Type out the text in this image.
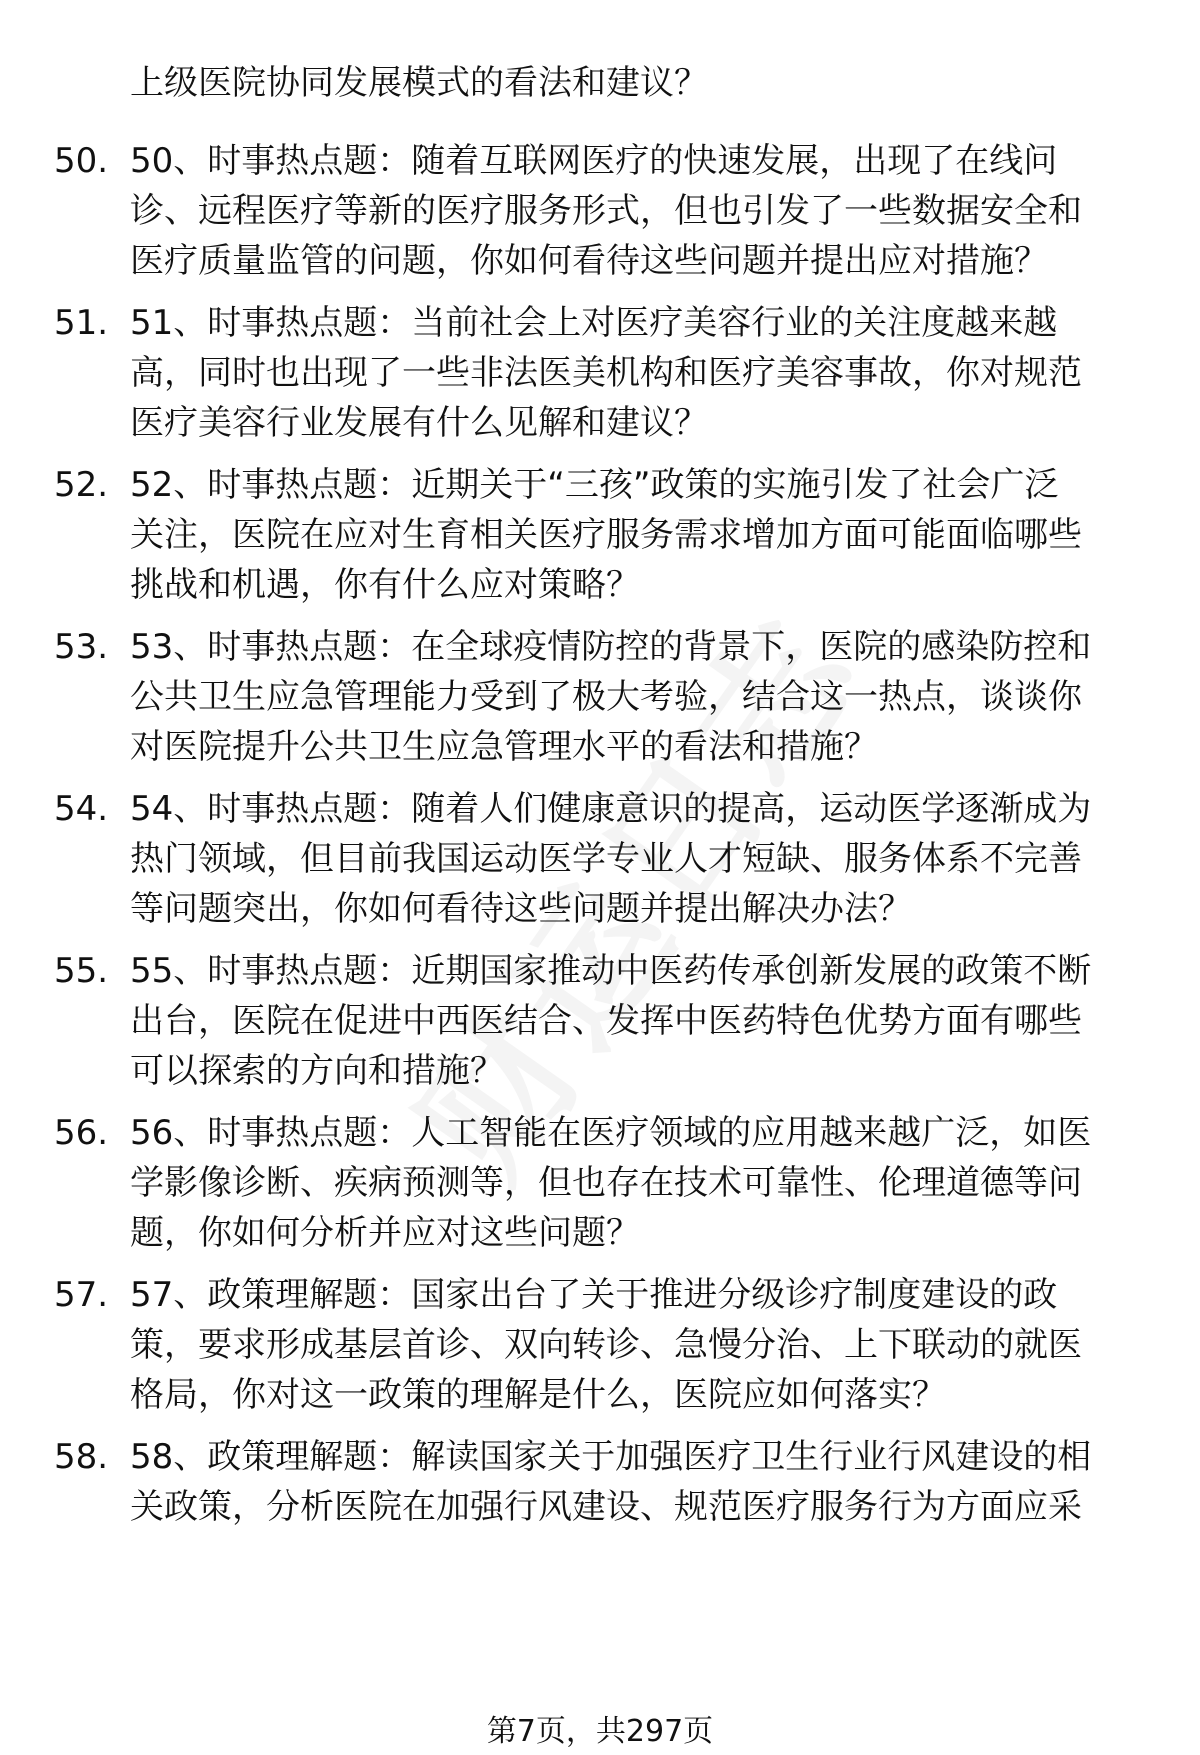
上级医院协同发展模式的看法和建议？
50. 50、时事热点题：随着互联网医疗的快速发展，出现了在线问
诊、远程医疗等新的医疗服务形式，但也引发了一些数据安全和
医疗质量监管的问题，你如何看待这些问题并提出应对措施？
51. 51、时事热点题：当前社会上对医疗美容行业的关注度越来越
高，同时也出现了一些非法医美机构和医疗美容事故，你对规范
医疗美容行业发展有什么见解和建议？
52. 52、时事热点题：近期关于“三孩”政策的实施引发了社会广泛
关注，医院在应对生育相关医疗服务需求增加方面可能面临哪些
挑战和机遇，你有什么应对策略？
53. 53、时事热点题：在全球疫情防控的背景下，医院的感染防控和
公共卫生应急管理能力受到了极大考验，结合这一热点，谈谈你
对医院提升公共卫生应急管理水平的看法和措施？
54. 54、时事热点题：随着人们健康意识的提高，运动医学逐渐成为
热门领域，但目前我国运动医学专业人才短缺、服务体系不完善
等问题突出，你如何看待这些问题并提出解决办法？
55. 55、时事热点题：近期国家推动中医药传承创新发展的政策不断
出台，医院在促进中西医结合、发挥中医药特色优势方面有哪些
可以探索的方向和措施？
56. 56、时事热点题：人工智能在医疗领域的应用越来越广泛，如医
学影像诊断、疾病预测等，但也存在技术可靠性、伦理道德等问
题，你如何分析并应对这些问题？
57. 57、政策理解题：国家出台了关于推进分级诊疗制度建设的政
策，要求形成基层首诊、双向转诊、急慢分治、上下联动的就医
格局，你对这一政策的理解是什么，医院应如何落实？
58. 58、政策理解题：解读国家关于加强医疗卫生行业行风建设的相
关政策，分析医院在加强行风建设、规范医疗服务行为方面应采
第7页，共297页
